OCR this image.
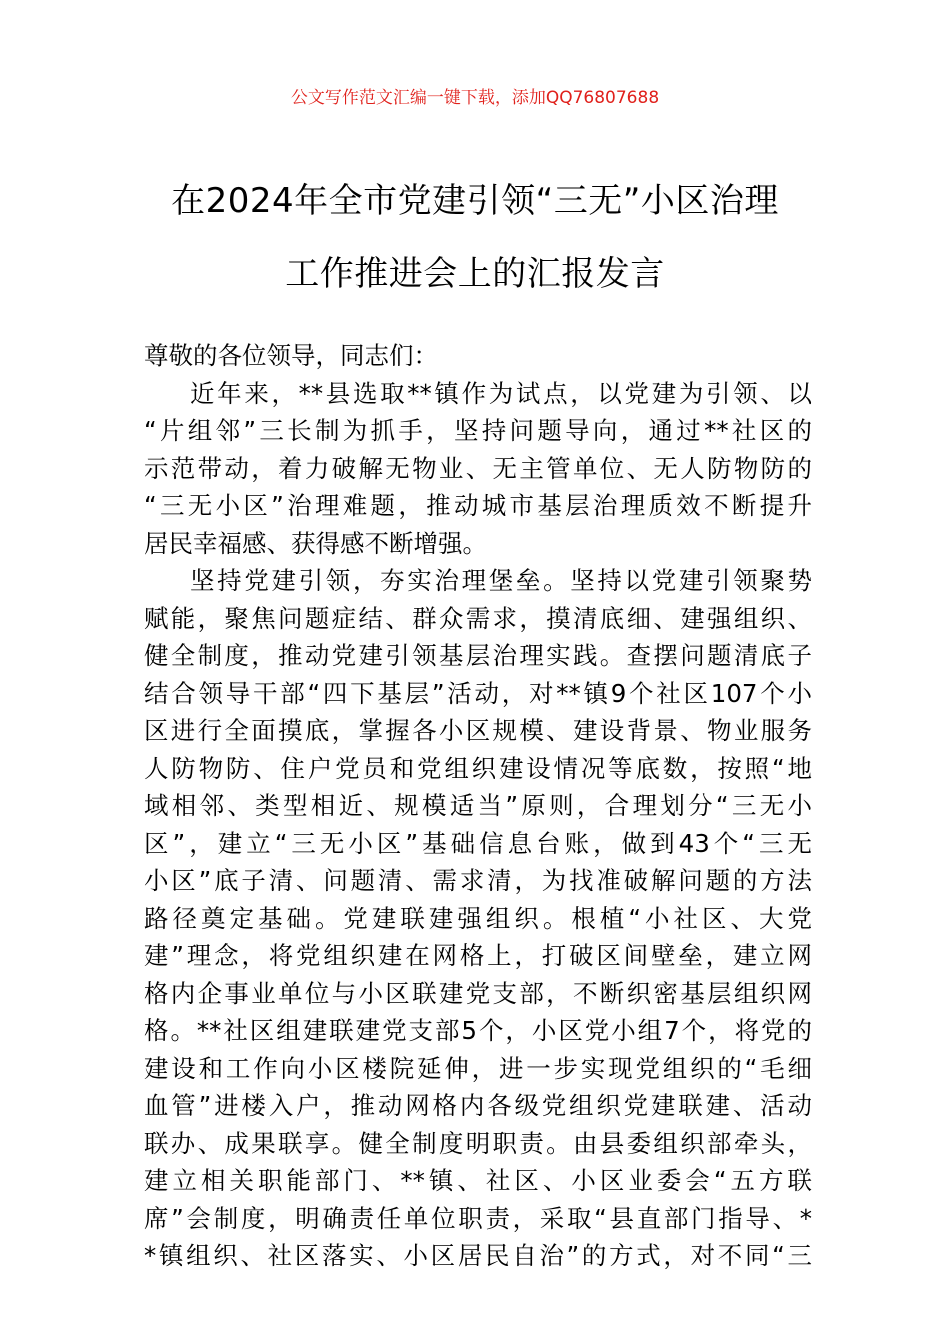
公文写作范文汇编一键下载，添加QQ76807688
在2024年全市党建引领“三无”小区治理
工作推进会上的汇报发言
尊敬的各位领导，同志们：
近年来，**县选取**镇作为试点，以党建为引领、以
“片组邻”三长制为抓手，坚持问题导向，通过**社区的
示范带动，着力破解无物业、无主管单位、无人防物防的
“三无小区”治理难题，推动城市基层治理质效不断提升
居民幸福感、获得感不断增强。
坚持党建引领，夯实治理堡垒。坚持以党建引领聚势
赋能，聚焦问题症结、群众需求，摸清底细、建强组织、
健全制度，推动党建引领基层治理实践。查摆问题清底子
结合领导干部“四下基层”活动，对**镇9个社区107个小
区进行全面摸底，掌握各小区规模、建设背景、物业服务
人防物防、住户党员和党组织建设情况等底数，按照“地
域相邻、类型相近、规模适当”原则，合理划分“三无小
区”，建立“三无小区”基础信息台账，做到43个“三无
小区”底子清、问题清、需求清，为找准破解问题的方法
路径奠定基础。党建联建强组织。根植“小社区、大党
建”理念，将党组织建在网格上，打破区间壁垒，建立网
格内企事业单位与小区联建党支部，不断织密基层组织网
格。**社区组建联建党支部5个，小区党小组7个，将党的
建设和工作向小区楼院延伸，进一步实现党组织的“毛细
血管”进楼入户，推动网格内各级党组织党建联建、活动
联办、成果联享。健全制度明职责。由县委组织部牵头，
建立相关职能部门、**镇、社区、小区业委会“五方联
席”会制度，明确责任单位职责，采取“县直部门指导、*
*镇组织、社区落实、小区居民自治”的方式，对不同“三
